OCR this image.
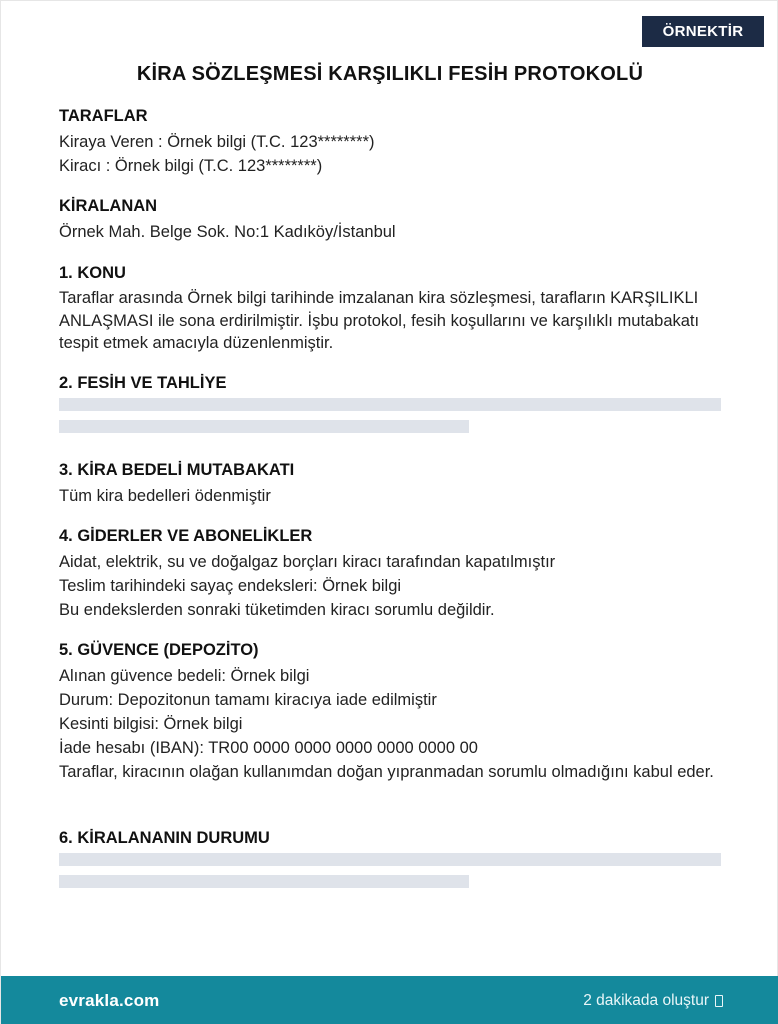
ÖRNEKTİR
KİRA SÖZLEŞMESİ KARŞILIKLI FESİH PROTOKOLÜ
TARAFLAR
Kiraya Veren : Örnek bilgi (T.C. 123********)
Kiracı : Örnek bilgi (T.C. 123********)
KİRALANAN
Örnek Mah. Belge Sok. No:1 Kadıköy/İstanbul
1. KONU
Taraflar arasında Örnek bilgi tarihinde imzalanan kira sözleşmesi, tarafların KARŞILIKLI ANLAŞMASI ile sona erdirilmiştir. İşbu protokol, fesih koşullarını ve karşılıklı mutabakatı tespit etmek amacıyla düzenlenmiştir.
2. FESİH VE TAHLİYE
3. KİRA BEDELİ MUTABAKATI
Tüm kira bedelleri ödenmiştir
4. GİDERLER VE ABONELİKLER
Aidat, elektrik, su ve doğalgaz borçları kiracı tarafından kapatılmıştır
Teslim tarihindeki sayaç endeksleri: Örnek bilgi
Bu endekslerden sonraki tüketimden kiracı sorumlu değildir.
5. GÜVENCE (DEPOZİTO)
Alınan güvence bedeli: Örnek bilgi
Durum: Depozitonun tamamı kiracıya iade edilmiştir
Kesinti bilgisi: Örnek bilgi
İade hesabı (IBAN): TR00 0000 0000 0000 0000 0000 00
Taraflar, kiracının olağan kullanımdan doğan yıpranmadan sorumlu olmadığını kabul eder.
6. KİRALANANIN DURUMU
evrakla.com	2 dakikada oluştur
